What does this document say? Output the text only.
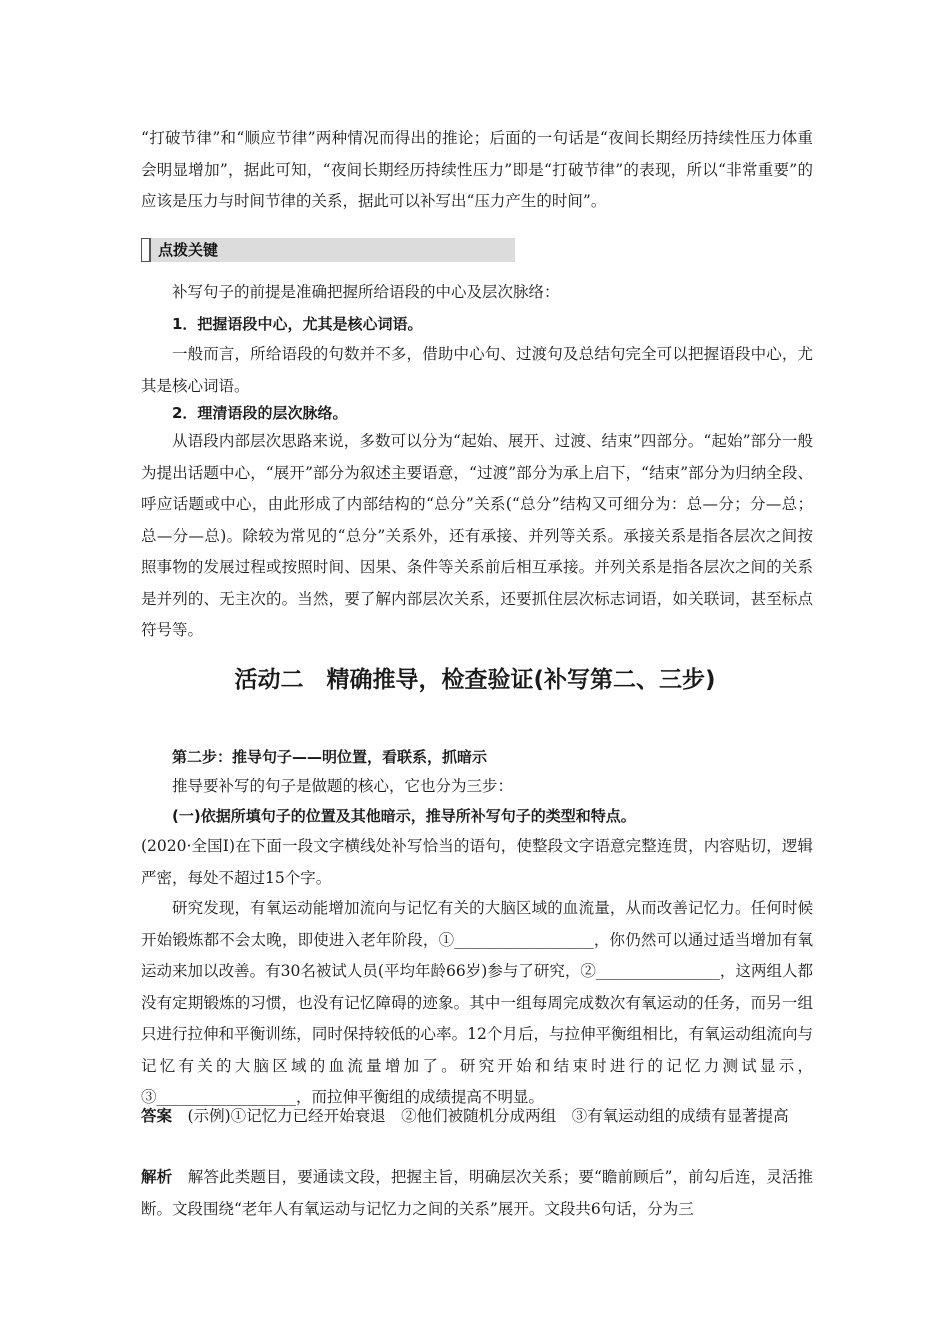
“打破节律”和“顺应节律”两种情况而得出的推论；后面的一句话是“夜间长期经历持续性压力体重会明显增加”，据此可知，“夜间长期经历持续性压力”即是“打破节律”的表现，所以“非常重要”的应该是压力与时间节律的关系，据此可以补写出“压力产生的时间”。

点拨关键

补写句子的前提是准确把握所给语段的中心及层次脉络：

1．把握语段中心，尤其是核心词语。

一般而言，所给语段的句数并不多，借助中心句、过渡句及总结句完全可以把握语段中心，尤其是核心词语。

2．理清语段的层次脉络。

从语段内部层次思路来说，多数可以分为“起始、展开、过渡、结束”四部分。“起始”部分一般为提出话题中心，“展开”部分为叙述主要语意，“过渡”部分为承上启下，“结束”部分为归纳全段、呼应话题或中心，由此形成了内部结构的“总分”关系(“总分”结构又可细分为：总—分；分—总；总—分—总)。除较为常见的“总分”关系外，还有承接、并列等关系。承接关系是指各层次之间按照事物的发展过程或按照时间、因果、条件等关系前后相互承接。并列关系是指各层次之间的关系是并列的、无主次的。当然，要了解内部层次关系，还要抓住层次标志词语，如关联词，甚至标点符号等。

活动二　精确推导，检查验证(补写第二、三步)

第二步：推导句子——明位置，看联系，抓暗示

推导要补写的句子是做题的核心，它也分为三步：

(一)依据所填句子的位置及其他暗示，推导所补写句子的类型和特点。

(2020·全国Ⅰ)在下面一段文字横线处补写恰当的语句，使整段文字语意完整连贯，内容贴切，逻辑严密，每处不超过15个字。

研究发现，有氧运动能增加流向与记忆有关的大脑区域的血流量，从而改善记忆力。任何时候开始锻炼都不会太晚，即使进入老年阶段，①__________________，你仍然可以通过适当增加有氧运动来加以改善。有30名被试人员(平均年龄66岁)参与了研究，②________________，这两组人都没有定期锻炼的习惯，也没有记忆障碍的迹象。其中一组每周完成数次有氧运动的任务，而另一组只进行拉伸和平衡训练，同时保持较低的心率。12个月后，与拉伸平衡组相比，有氧运动组流向与记忆有关的大脑区域的血流量增加了。研究开始和结束时进行的记忆力测试显示，③__________________，而拉伸平衡组的成绩提高不明显。

答案　 (示例)①记忆力已经开始衰退　②他们被随机分成两组　③有氧运动组的成绩有显著提高

解析　 解答此类题目，要通读文段，把握主旨，明确层次关系；要“瞻前顾后”，前勾后连，灵活推断。文段围绕“老年人有氧运动与记忆力之间的关系”展开。文段共6句话，分为三
